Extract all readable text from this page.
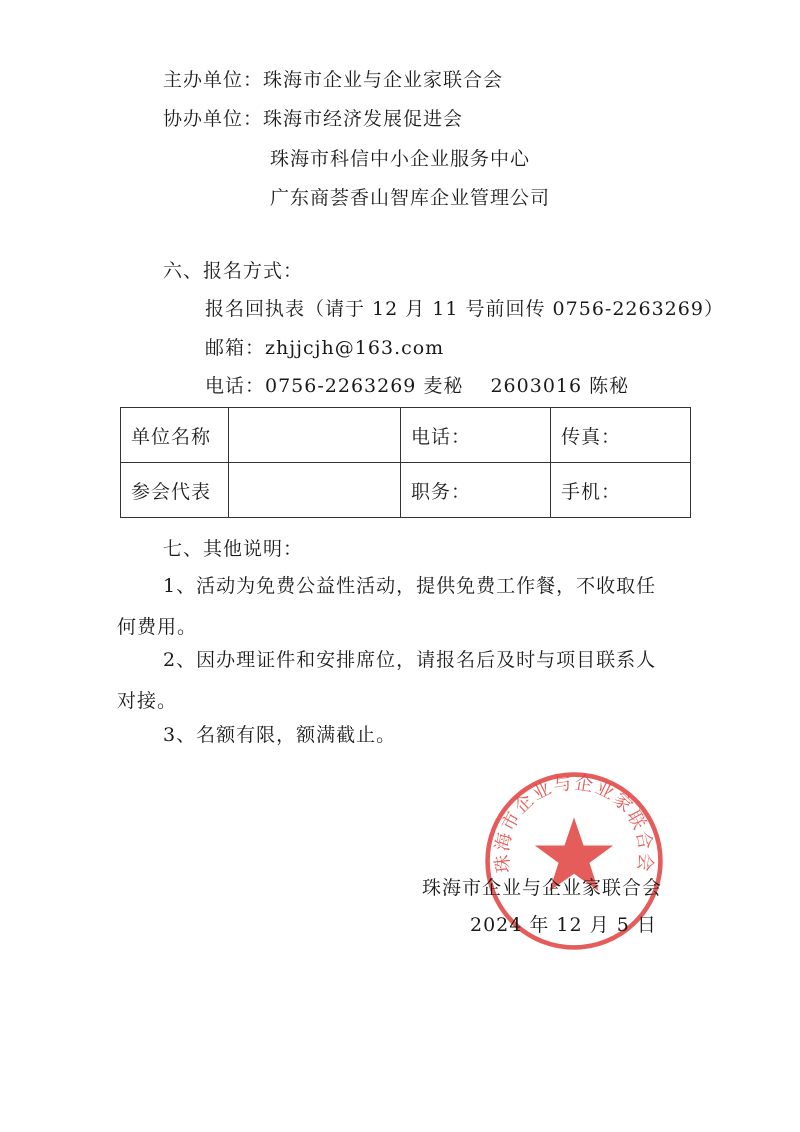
主办单位：珠海市企业与企业家联合会
协办单位：珠海市经济发展促进会
珠海市科信中小企业服务中心
广东商荟香山智库企业管理公司
六、报名方式：
报名回执表（请于 12 月 11 号前回传 0756-2263269）
邮箱：zhjjcjh@163.com
电话：0756-2263269 麦秘　 2603016 陈秘
单位名称		电话：	传真：
参会代表		职务：	手机：
七、其他说明：
1、活动为免费公益性活动，提供免费工作餐，不收取任
何费用。
2、因办理证件和安排席位，请报名后及时与项目联系人
对接。
3、名额有限，额满截止。
珠海市企业与企业家联合会
珠海市企业与企业家联合会
2024 年 12 月 5 日
